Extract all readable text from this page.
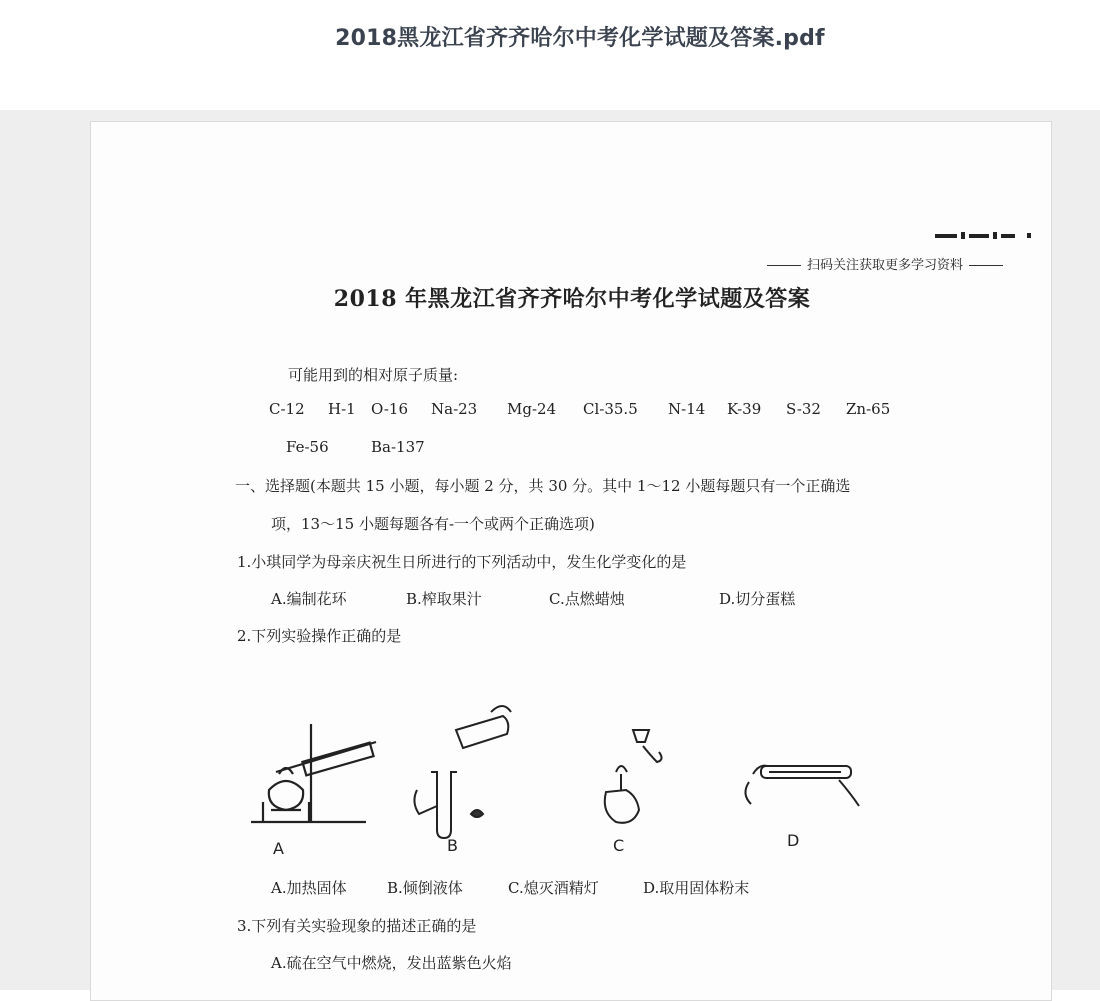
2018黑龙江省齐齐哈尔中考化学试题及答案.pdf
扫码关注获取更多学习资料
2018 年黑龙江省齐齐哈尔中考化学试题及答案
可能用到的相对原子质量:
C-12 H-1 O-16 Na-23 Mg-24 Cl-35.5 N-14 K-39 S-32 Zn-65
Fe-56	Ba-137
一、选择题(本题共 15 小题，每小题 2 分，共 30 分。其中 1～12 小题每题只有一个正确选
项，13～15 小题每题各有-一个或两个正确选项)
1.小琪同学为母亲庆祝生日所进行的下列活动中，发生化学变化的是
A.编制花环	B.榨取果汁	C.点燃蜡烛	D.切分蛋糕
2.下列实验操作正确的是
A	B	C	D
A.加热固体	B.倾倒液体	C.熄灭酒精灯	D.取用固体粉末
3.下列有关实验现象的描述正确的是
A.硫在空气中燃烧，发出蓝紫色火焰
